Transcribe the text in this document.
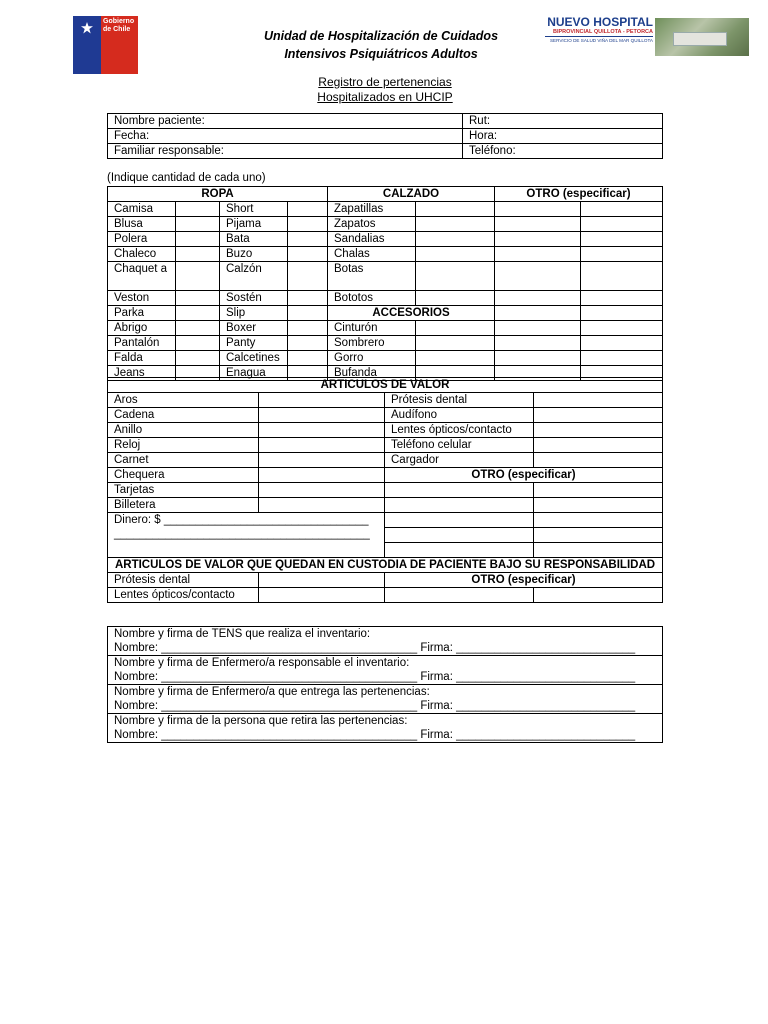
Gobierno
de Chile	Unidad de Hospitalización de Cuidados
Intensivos Psiquiátricos Adultos
NUEVO HOSPITAL
BIPROVINCIAL QUILLOTA - PETORCA
SERVICIO DE SALUD VIÑA DEL MAR QUILLOTA
Registro de pertenencias
Hospitalizados en UHCIP
Nombre paciente:	Rut:
Fecha:	Hora:
Familiar responsable:	Teléfono:
(Indique cantidad de cada uno)
ROPA				CALZADO		OTRO (especificar)	
Camisa		Short		Zapatillas			
Blusa		Pijama		Zapatos			
Polera		Bata		Sandalias			
Chaleco		Buzo		Chalas			
Chaquet a		Calzón		Botas			
Veston		Sostén		Bototos			
Parka		Slip		ACCESORIOS			
Abrigo		Boxer		Cinturón			
Pantalón		Panty		Sombrero			
Falda		Calcetines		Gorro			
Jeans		Enagua		Bufanda			
ARTICULOS DE VALOR			
Aros		Prótesis dental	
Cadena		Audífono	
Anillo		Lentes ópticos/contacto	
Reloj		Teléfono celular	
Carnet		Cargador	
Chequera		OTRO (especificar)	
Tarjetas			
Billetera			

Dinero: $ ________________________________
________________________________________			

ARTICULOS DE VALOR QUE QUEDAN EN CUSTODIA DE PACIENTE BAJO SU RESPONSABILIDAD			
Prótesis dental		OTRO (especificar)	
Lentes ópticos/contacto			
Nombre y firma de TENS que realiza el inventario:
Nombre: ________________________________________ Firma: ____________________________

Nombre y firma de Enfermero/a responsable el inventario:
Nombre: ________________________________________ Firma: ____________________________

Nombre y firma de Enfermero/a que entrega las pertenencias:
Nombre: ________________________________________ Firma: ____________________________

Nombre y firma de la persona que retira las pertenencias:
Nombre: ________________________________________ Firma: ____________________________
